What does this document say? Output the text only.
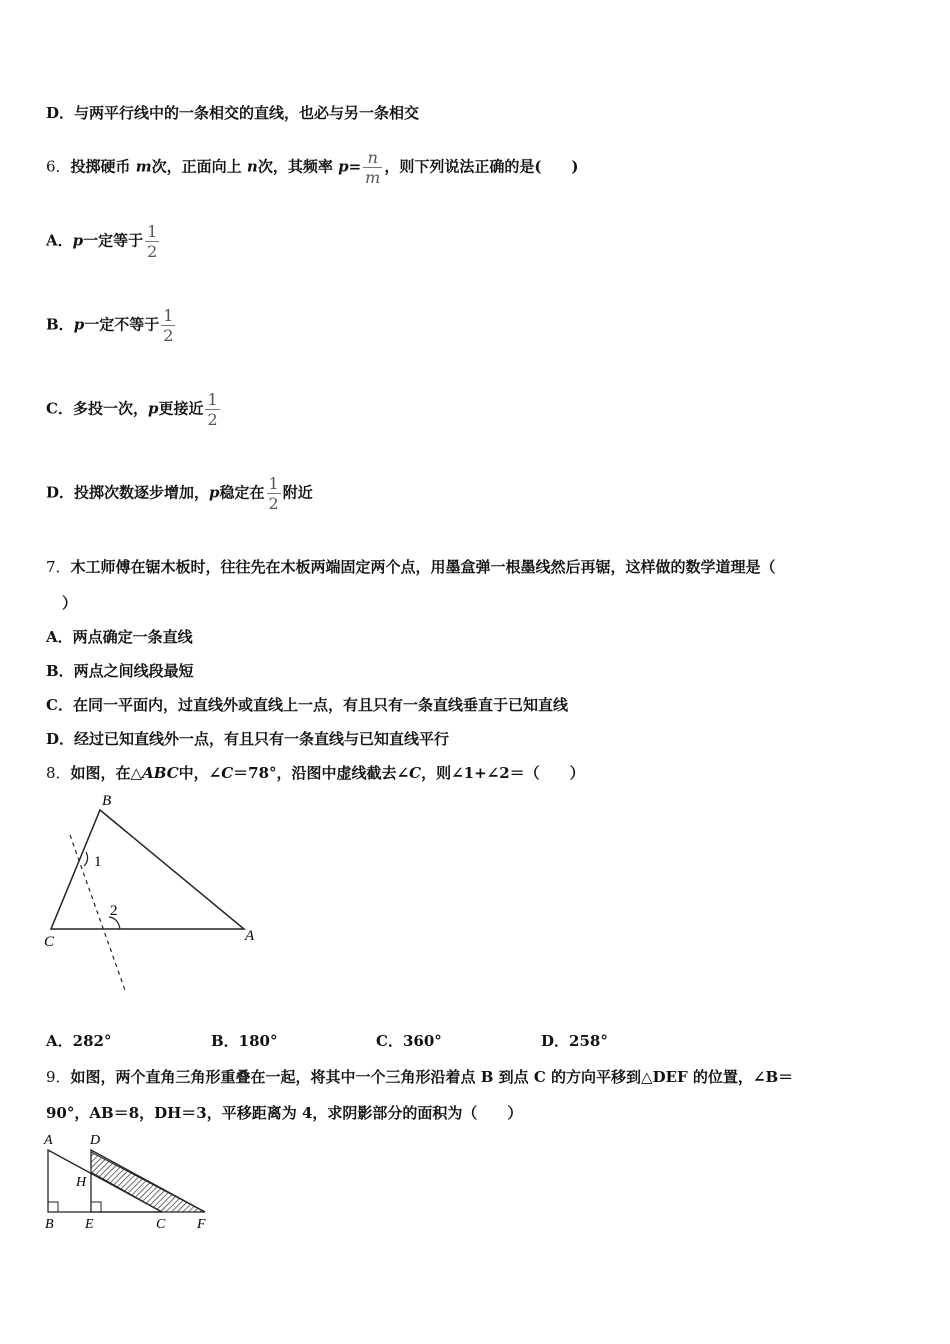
D．与两平行线中的一条相交的直线，也必与另一条相交
6．投掷硬币 m次，正面向上 n次，其频率 $p= \frac{n}{m}$ ，则下列说法正确的是(　　)
A．p一定等于 $\frac{1}{2}$
B．p一定不等于 $\frac{1}{2}$
C．多投一次，p更接近 $\frac{1}{2}$
D．投掷次数逐步增加，p稳定在 $\frac{1}{2}$ 附近
7．木工师傅在锯木板时，往往先在木板两端固定两个点，用墨盒弹一根墨线然后再锯，这样做的数学道理是（
）
A．两点确定一条直线
B．两点之间线段最短
C．在同一平面内，过直线外或直线上一点，有且只有一条直线垂直于已知直线
D．经过已知直线外一点，有且只有一条直线与已知直线平行
8．如图，在△ABC中，∠C＝78°，沿图中虚线截去∠C，则∠1+∠2＝（　　）
B
C	A
1
2
A．282°	B．180°	C．360°	D．258°
9．如图，两个直角三角形重叠在一起，将其中一个三角形沿着点 B 到点 C 的方向平移到△DEF 的位置，∠B＝
90°，AB＝8，DH＝3，平移距离为 4，求阴影部分的面积为（　　）
A	D
H
B E	C F
